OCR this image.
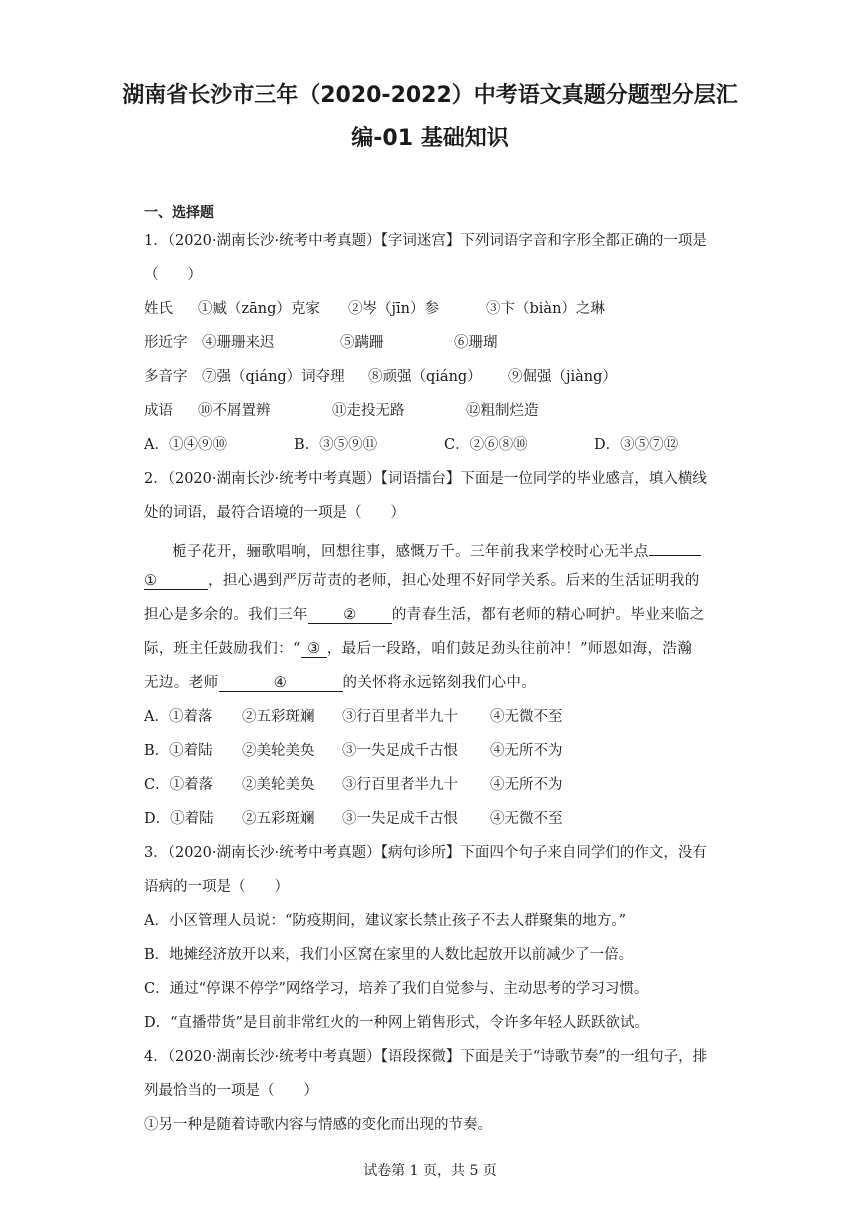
湖南省长沙市三年（2020-2022）中考语文真题分题型分层汇
编-01 基础知识
一、选择题
1．（2020·湖南长沙·统考中考真题）【字词迷宫】下列词语字音和字形全都正确的一项是
（　　）
姓氏 ①臧（zāng）克家 ②岑（jīn）参	③卞（biàn）之琳
形近字 ④珊珊来迟	⑤蹒跚	⑥珊瑚
多音字 ⑦强（qiáng）词夺理 ⑧顽强（qiáng） ⑨倔强（jiàng）
成语 ⑩不屑置辨	⑪走投无路	⑫粗制烂造
A．①④⑨⑩	B．③⑤⑨⑪	C．②⑥⑧⑩	D．③⑤⑦⑫
2．（2020·湖南长沙·统考中考真题）【词语擂台】下面是一位同学的毕业感言，填入横线
处的词语，最符合语境的一项是（　　）
栀子花开，骊歌唱响，回想往事，感慨万千。三年前我来学校时心无半点
①	，担心遇到严厉苛责的老师，担心处理不好同学关系。后来的生活证明我的
担心是多余的。我们三年 ② 的青春生活，都有老师的精心呵护。毕业来临之
际，班主任鼓励我们：“ ③ ，最后一段路，咱们鼓足劲头往前冲！”师恩如海，浩瀚
无边。老师	④	的关怀将永远铭刻我们心中。
A．①着落 ②五彩斑斓 ③行百里者半九十 ④无微不至
B．①着陆 ②美轮美奂 ③一失足成千古恨 ④无所不为
C．①着落 ②美轮美奂 ③行百里者半九十 ④无所不为
D．①着陆 ②五彩斑斓 ③一失足成千古恨 ④无微不至
3．（2020·湖南长沙·统考中考真题）【病句诊所】下面四个句子来自同学们的作文，没有
语病的一项是（　　）
A．小区管理人员说：“防疫期间，建议家长禁止孩子不去人群聚集的地方。”
B．地摊经济放开以来，我们小区窝在家里的人数比起放开以前减少了一倍。
C．通过“停课不停学”网络学习，培养了我们自觉参与、主动思考的学习习惯。
D．“直播带货”是目前非常红火的一种网上销售形式，令许多年轻人跃跃欲试。
4．（2020·湖南长沙·统考中考真题）【语段探微】下面是关于“诗歌节奏”的一组句子，排
列最恰当的一项是（　　）
①另一种是随着诗歌内容与情感的变化而出现的节奏。
试卷第 1 页，共 5 页
